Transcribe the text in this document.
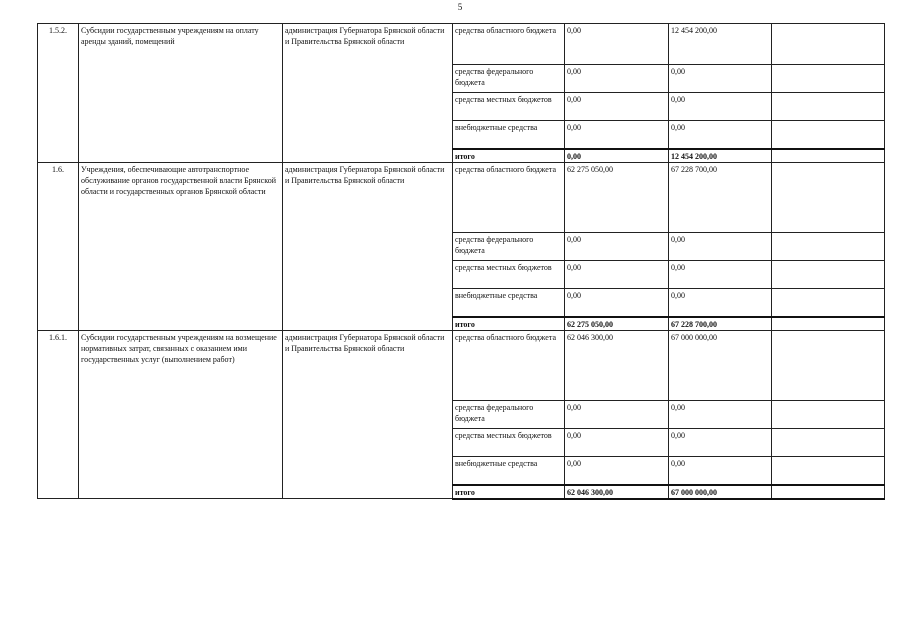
5
1.5.2.	Субсидии государственным учреждениям на оплату аренды зданий, помещений	администрация Губернатора Брянской области и Правительства Брянской области	средства областного бюджета	0,00	12 454 200,00	
			средства федерального бюджета	0,00	0,00	
			средства местных бюджетов	0,00	0,00	
			внебюджетные средства	0,00	0,00	
			итого	0,00	12 454 200,00	
1.6.	Учреждения, обеспечивающие автотранспортное обслуживание органов государственной власти Брянской области и государственных органов Брянской области	администрация Губернатора Брянской области и Правительства Брянской области	средства областного бюджета	62 275 050,00	67 228 700,00	
			средства федерального бюджета	0,00	0,00	
			средства местных бюджетов	0,00	0,00	
			внебюджетные средства	0,00	0,00	
			итого	62 275 050,00	67 228 700,00	
1.6.1.	Субсидии государственным учреждениям на возмещение нормативных затрат, связанных с оказанием ими государственных услуг (выполнением работ)	администрация Губернатора Брянской области и Правительства Брянской области	средства областного бюджета	62 046 300,00	67 000 000,00	
			средства федерального бюджета	0,00	0,00	
			средства местных бюджетов	0,00	0,00	
			внебюджетные средства	0,00	0,00	
			итого	62 046 300,00	67 000 000,00	
